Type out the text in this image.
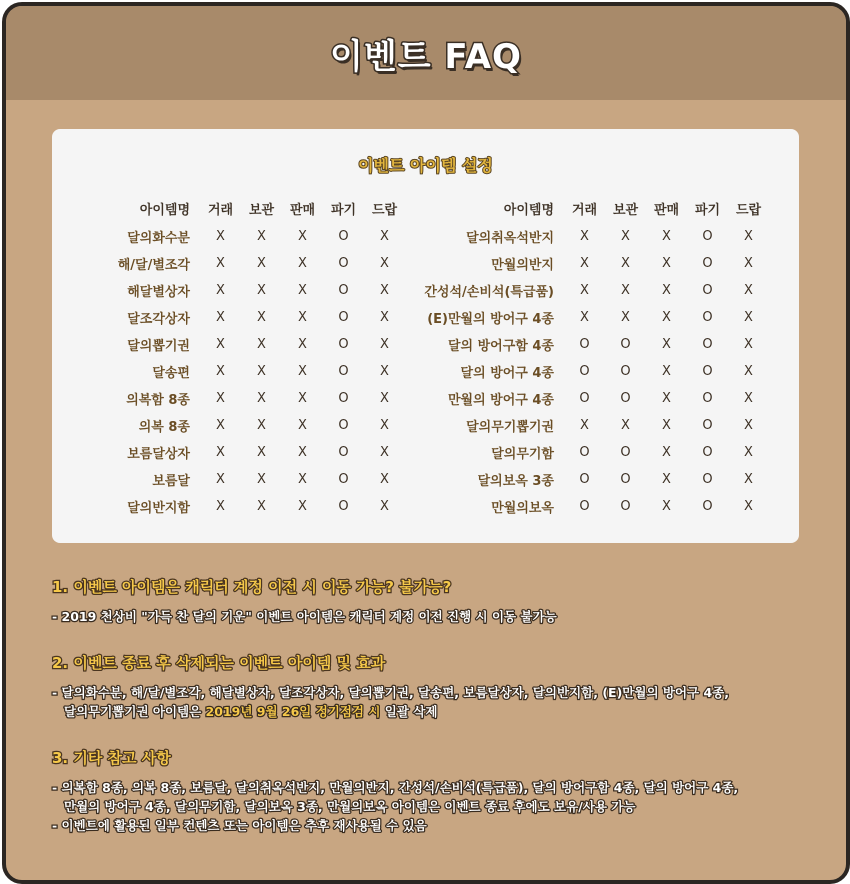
이벤트 FAQ
이벤트 아이템 설정
아이템명	거래	보관	판매	파기	드랍
달의화수분	X	X	X	O	X
해/달/별조각	X	X	X	O	X
해달별상자	X	X	X	O	X
달조각상자	X	X	X	O	X
달의뽑기권	X	X	X	O	X
달송편	X	X	X	O	X
의복함 8종	X	X	X	O	X
의복 8종	X	X	X	O	X
보름달상자	X	X	X	O	X
보름달	X	X	X	O	X
달의반지함	X	X	X	O	X
아이템명	거래	보관	판매	파기	드랍
달의취옥석반지	X	X	X	O	X
만월의반지	X	X	X	O	X
간성석/손비석(특급품)	X	X	X	O	X
(E)만월의 방어구 4종	X	X	X	O	X
달의 방어구함 4종	O	O	X	O	X
달의 방어구 4종	O	O	X	O	X
만월의 방어구 4종	O	O	X	O	X
달의무기뽑기권	X	X	X	O	X
달의무기함	O	O	X	O	X
달의보옥 3종	O	O	X	O	X
만월의보옥	O	O	X	O	X
1. 이벤트 아이템은 캐릭터 계정 이전 시 이동 가능? 불가능?
- 2019 천상비 "가득 찬 달의 기운" 이벤트 아이템은 캐릭터 계정 이전 진행 시 이동 불가능
2. 이벤트 종료 후 삭제되는 이벤트 아이템 및 효과
- 달의화수분, 해/달/별조각, 해달별상자, 달조각상자, 달의뽑기권, 달송편, 보름달상자, 달의반지함, (E)만월의 방어구 4종,
달의무기뽑기권 아이템은 2019년 9월 26일 정기점검 시 일괄 삭제
3. 기타 참고 사항
- 의복함 8종, 의복 8종, 보름달, 달의취옥석반지, 만월의반지, 간성석/손비석(특급품), 달의 방어구함 4종, 달의 방어구 4종, 만월의 방어구 4종, 달의무기함, 달의보옥 3종, 만월의보옥 아이템은 이벤트 종료 후에도 보유/사용 가능
- 이벤트에 활용된 일부 컨텐츠 또는 아이템은 추후 재사용될 수 있음
